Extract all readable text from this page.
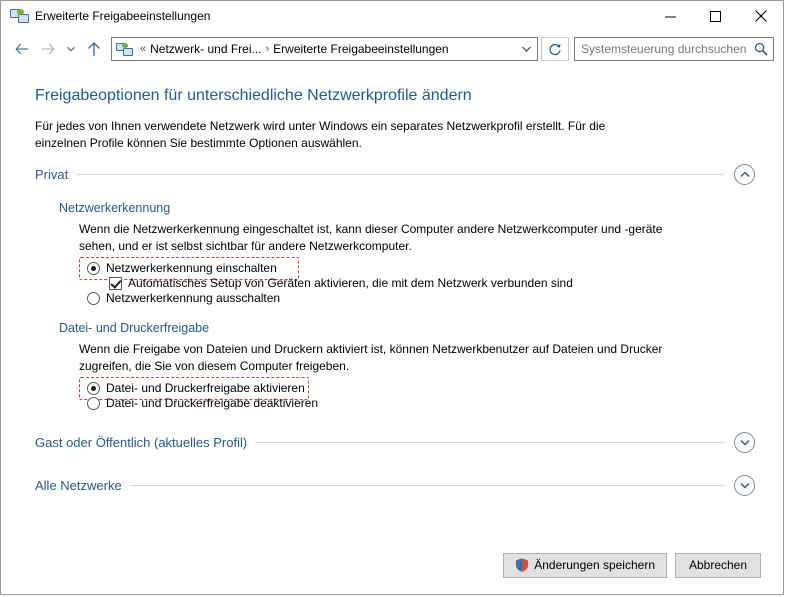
Erweiterte Freigabeeinstellungen
« Netzwerk- und Frei... › Erweiterte Freigabeeinstellungen	Systemsteuerung durchsuchen
Freigabeoptionen für unterschiedliche Netzwerkprofile ändern

Für jedes von Ihnen verwendete Netzwerk wird unter Windows ein separates Netzwerkprofil erstellt. Für die einzelnen Profile können Sie bestimmte Optionen auswählen.

Privat
Netzwerkerkennung
Wenn die Netzwerkerkennung eingeschaltet ist, kann dieser Computer andere Netzwerkcomputer und -geräte sehen, und er ist selbst sichtbar für andere Netzwerkcomputer.
Netzwerkerkennung einschalten
Automatisches Setup von Geräten aktivieren, die mit dem Netzwerk verbunden sind
Netzwerkerkennung ausschalten
Datei- und Druckerfreigabe
Wenn die Freigabe von Dateien und Druckern aktiviert ist, können Netzwerkbenutzer auf Dateien und Drucker zugreifen, die Sie von diesem Computer freigeben.
Datei- und Druckerfreigabe aktivieren
Datei- und Druckerfreigabe deaktivieren
Gast oder Öffentlich (aktuelles Profil)
Alle Netzwerke
Änderungen speichern	Abbrechen
